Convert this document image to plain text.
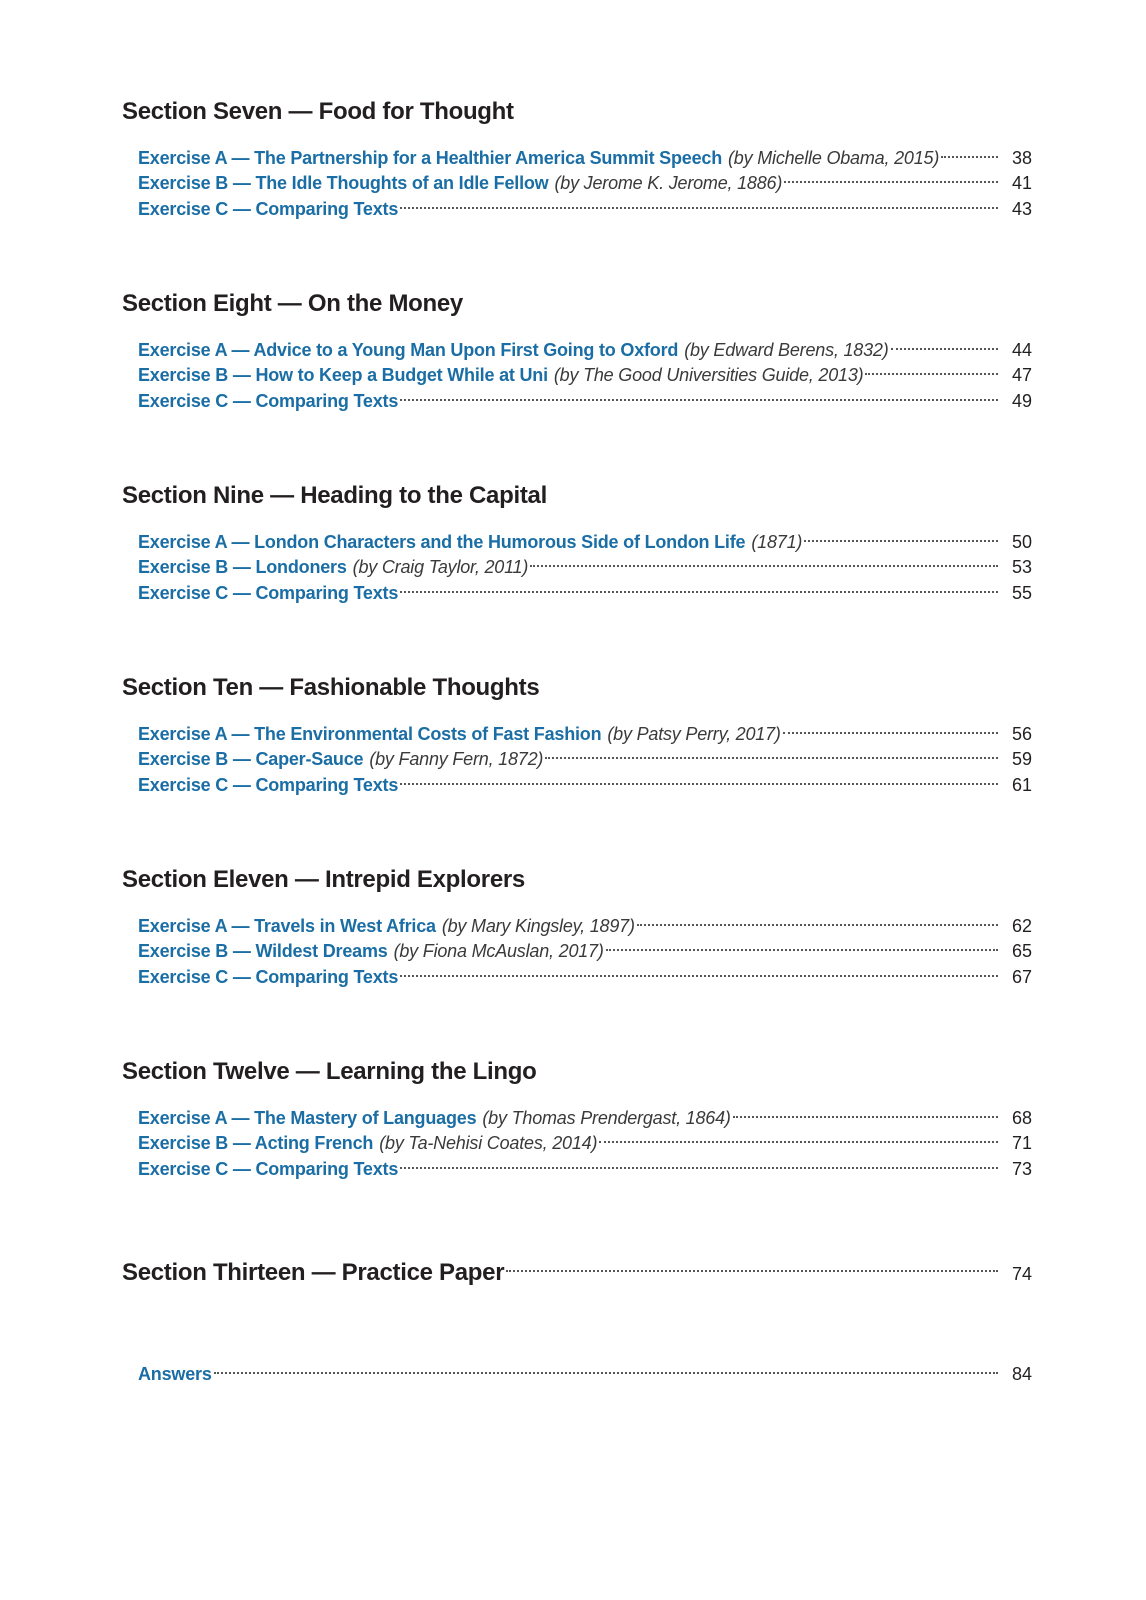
Section Seven — Food for Thought
Exercise A — The Partnership for a Healthier America Summit Speech (by Michelle Obama, 2015)	38
Exercise B — The Idle Thoughts of an Idle Fellow (by Jerome K. Jerome, 1886)	41
Exercise C — Comparing Texts	43
Section Eight — On the Money
Exercise A — Advice to a Young Man Upon First Going to Oxford (by Edward Berens, 1832)	44
Exercise B — How to Keep a Budget While at Uni (by The Good Universities Guide, 2013)	47
Exercise C — Comparing Texts	49
Section Nine — Heading to the Capital
Exercise A — London Characters and the Humorous Side of London Life (1871)	50
Exercise B — Londoners (by Craig Taylor, 2011)	53
Exercise C — Comparing Texts	55
Section Ten — Fashionable Thoughts
Exercise A — The Environmental Costs of Fast Fashion (by Patsy Perry, 2017)	56
Exercise B — Caper-Sauce (by Fanny Fern, 1872)	59
Exercise C — Comparing Texts	61
Section Eleven — Intrepid Explorers
Exercise A — Travels in West Africa (by Mary Kingsley, 1897)	62
Exercise B — Wildest Dreams (by Fiona McAuslan, 2017)	65
Exercise C — Comparing Texts	67
Section Twelve — Learning the Lingo
Exercise A — The Mastery of Languages (by Thomas Prendergast, 1864)	68
Exercise B — Acting French (by Ta-Nehisi Coates, 2014)	71
Exercise C — Comparing Texts	73
Section Thirteen — Practice Paper	74
Answers	84
